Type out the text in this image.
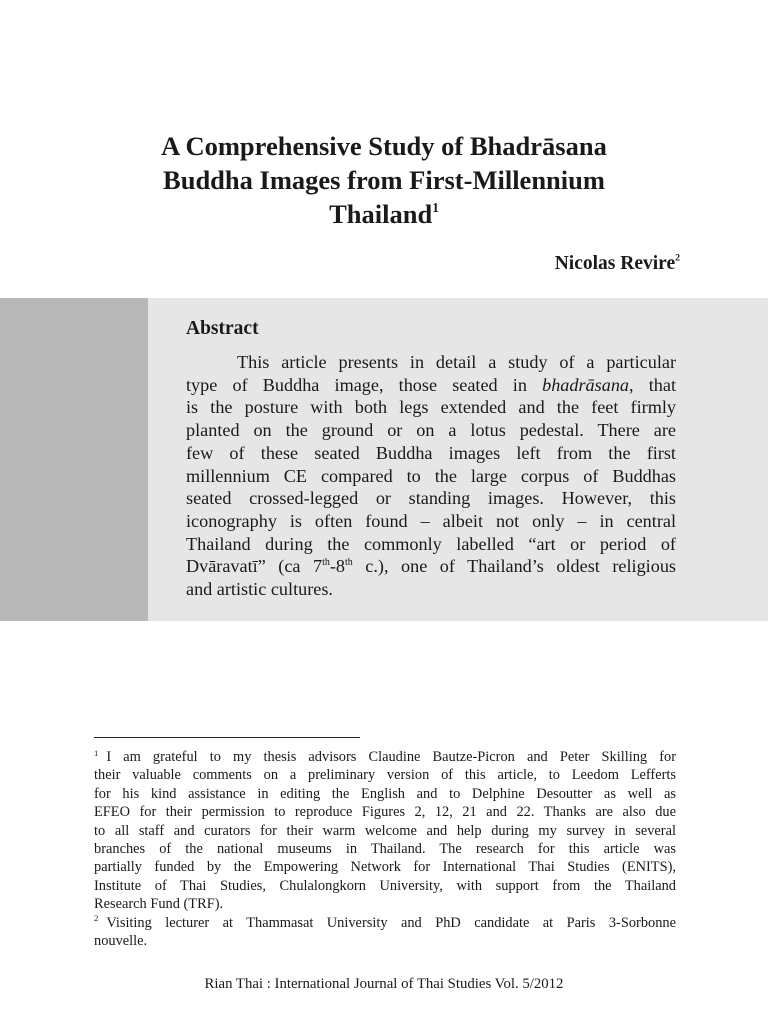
A Comprehensive Study of Bhadrāsana
Buddha Images from First-Millennium
Thailand$^1$

Nicolas Revire$^2$

Abstract
This article presents in detail a study of a particular
type of Buddha image, those seated in bhadrāsana, that
is the posture with both legs extended and the feet firmly
planted on the ground or on a lotus pedestal. There are
few of these seated Buddha images left from the first
millennium CE compared to the large corpus of Buddhas
seated crossed-legged or standing images. However, this
iconography is often found – albeit not only – in central
Thailand during the commonly labelled “art or period of
Dvāravatī” (ca 7th-8th c.), one of Thailand’s oldest religious
and artistic cultures.
$^1$ I am grateful to my thesis advisors Claudine Bautze-Picron and Peter Skilling for
their valuable comments on a preliminary version of this article, to Leedom Lefferts
for his kind assistance in editing the English and to Delphine Desoutter as well as
EFEO for their permission to reproduce Figures 2, 12, 21 and 22. Thanks are also due
to all staff and curators for their warm welcome and help during my survey in several
branches of the national museums in Thailand. The research for this article was
partially funded by the Empowering Network for International Thai Studies (ENITS),
Institute of Thai Studies, Chulalongkorn University, with support from the Thailand
Research Fund (TRF).
$^2$ Visiting lecturer at Thammasat University and PhD candidate at Paris 3-Sorbonne
nouvelle.

Rian Thai : International Journal of Thai Studies Vol. 5/2012
